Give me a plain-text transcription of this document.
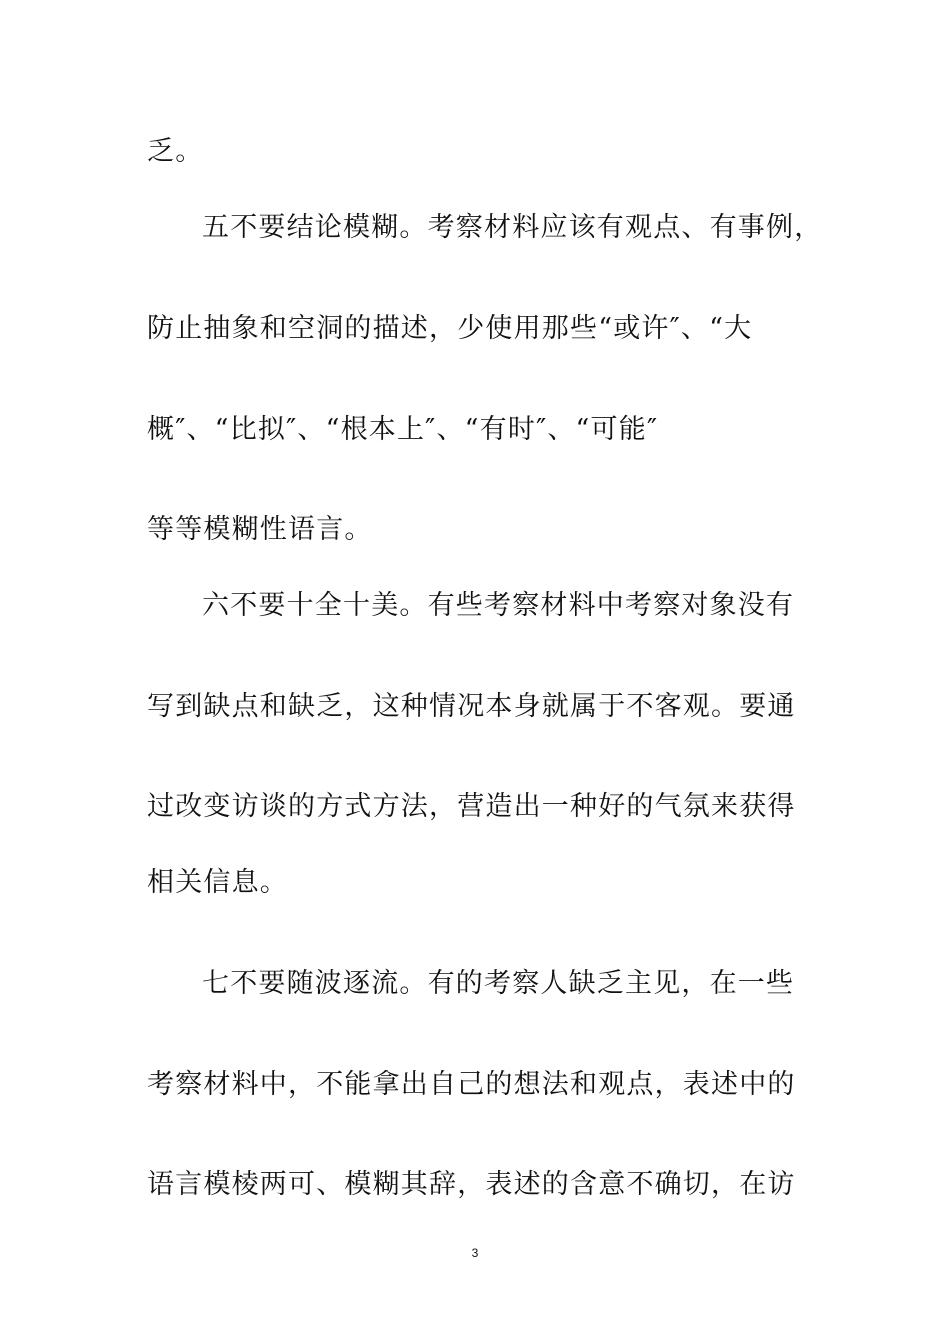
乏。
五不要结论模糊。考察材料应该有观点、有事例，
防止抽象和空洞的描述，少使用那些“或许″、“大
概″、“比拟″、“根本上″、“有时″、“可能″
等等模糊性语言。
六不要十全十美。有些考察材料中考察对象没有
写到缺点和缺乏，这种情况本身就属于不客观。要通
过改变访谈的方式方法，营造出一种好的气氛来获得
相关信息。
七不要随波逐流。有的考察人缺乏主见，在一些
考察材料中，不能拿出自己的想法和观点，表述中的
语言模棱两可、模糊其辞，表述的含意不确切，在访
3
